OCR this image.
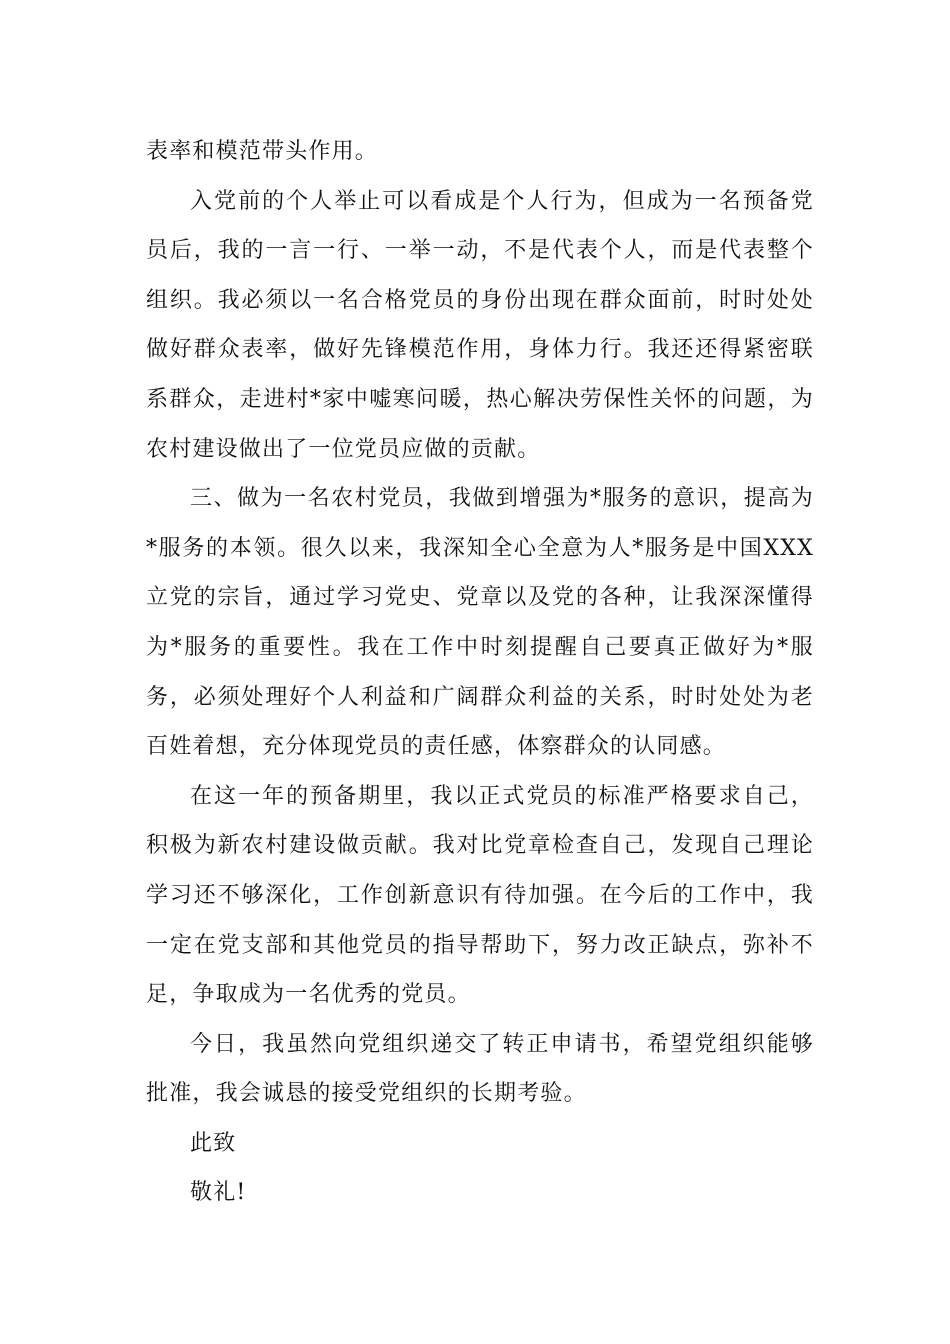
表率和模范带头作用。

入党前的个人举止可以看成是个人行为，但成为一名预备党员后，我的一言一行、一举一动，不是代表个人，而是代表整个组织。我必须以一名合格党员的身份出现在群众面前，时时处处做好群众表率，做好先锋模范作用，身体力行。我还还得紧密联系群众，走进村*家中嘘寒问暖，热心解决劳保性关怀的问题，为农村建设做出了一位党员应做的贡献。

三、做为一名农村党员，我做到增强为*服务的意识，提高为*服务的本领。很久以来，我深知全心全意为人*服务是中国XXX立党的宗旨，通过学习党史、党章以及党的各种，让我深深懂得为*服务的重要性。我在工作中时刻提醒自己要真正做好为*服务，必须处理好个人利益和广阔群众利益的关系，时时处处为老百姓着想，充分体现党员的责任感，体察群众的认同感。

在这一年的预备期里，我以正式党员的标准严格要求自己，积极为新农村建设做贡献。我对比党章检查自己，发现自己理论学习还不够深化，工作创新意识有待加强。在今后的工作中，我一定在党支部和其他党员的指导帮助下，努力改正缺点，弥补不足，争取成为一名优秀的党员。

今日，我虽然向党组织递交了转正申请书，希望党组织能够批准，我会诚恳的接受党组织的长期考验。

此致

敬礼!
